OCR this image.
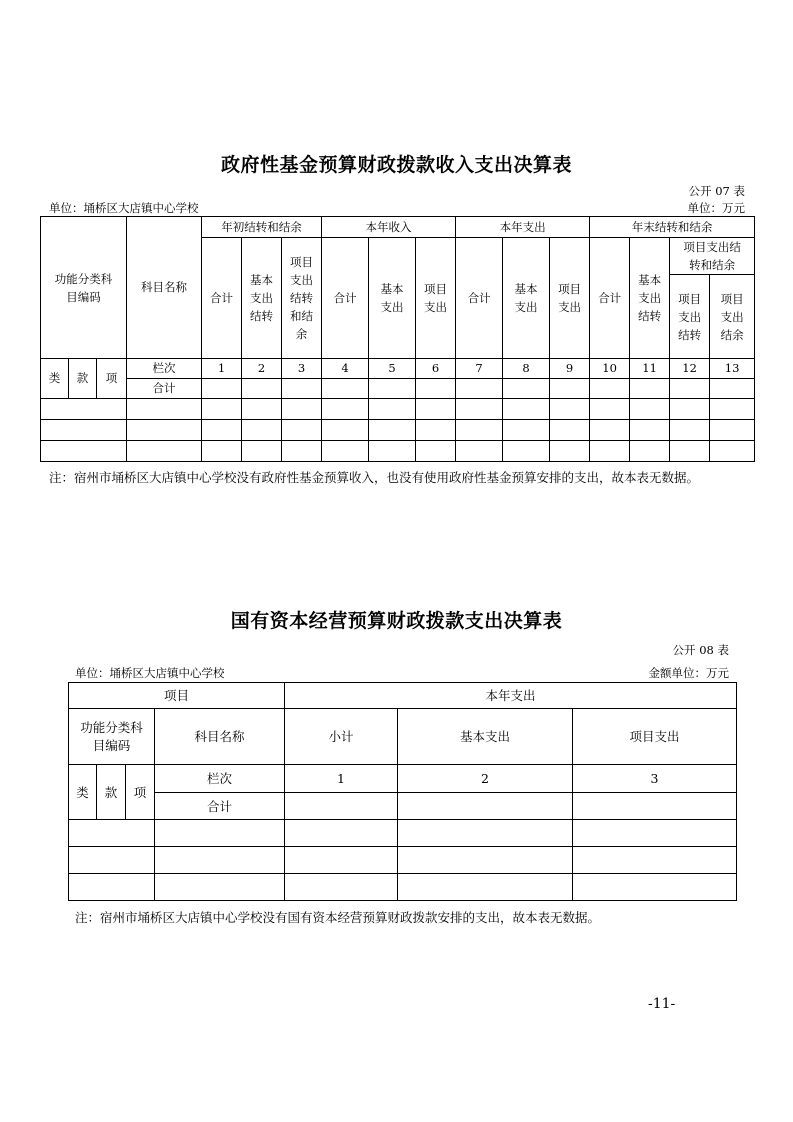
政府性基金预算财政拨款收入支出决算表
公开 07 表
单位：埇桥区大店镇中心学校	单位：万元
功能分类科目编码			科目名称	年初结转和结余			本年收入			本年支出			年末结转和结余			
				合计	基本支出结转	项目支出结转和结余	合计	基本支出	项目支出	合计	基本支出	项目支出	合计	基本支出结转	项目支出结转和结余	
															项目支出结转	项目支出结余
类	款	项	栏次	1	2	3	4	5	6	7	8	9	10	11	12	13
			合计													

注：宿州市埇桥区大店镇中心学校没有政府性基金预算收入，也没有使用政府性基金预算安排的支出，故本表无数据。
国有资本经营预算财政拨款支出决算表
公开 08 表
单位：埇桥区大店镇中心学校	金额单位：万元
项目				本年支出		
功能分类科目编码			科目名称	小计	基本支出	项目支出
类	款	项	栏次	1	2	3
			合计			

注：宿州市埇桥区大店镇中心学校没有国有资本经营预算财政拨款安排的支出，故本表无数据。
-11-
